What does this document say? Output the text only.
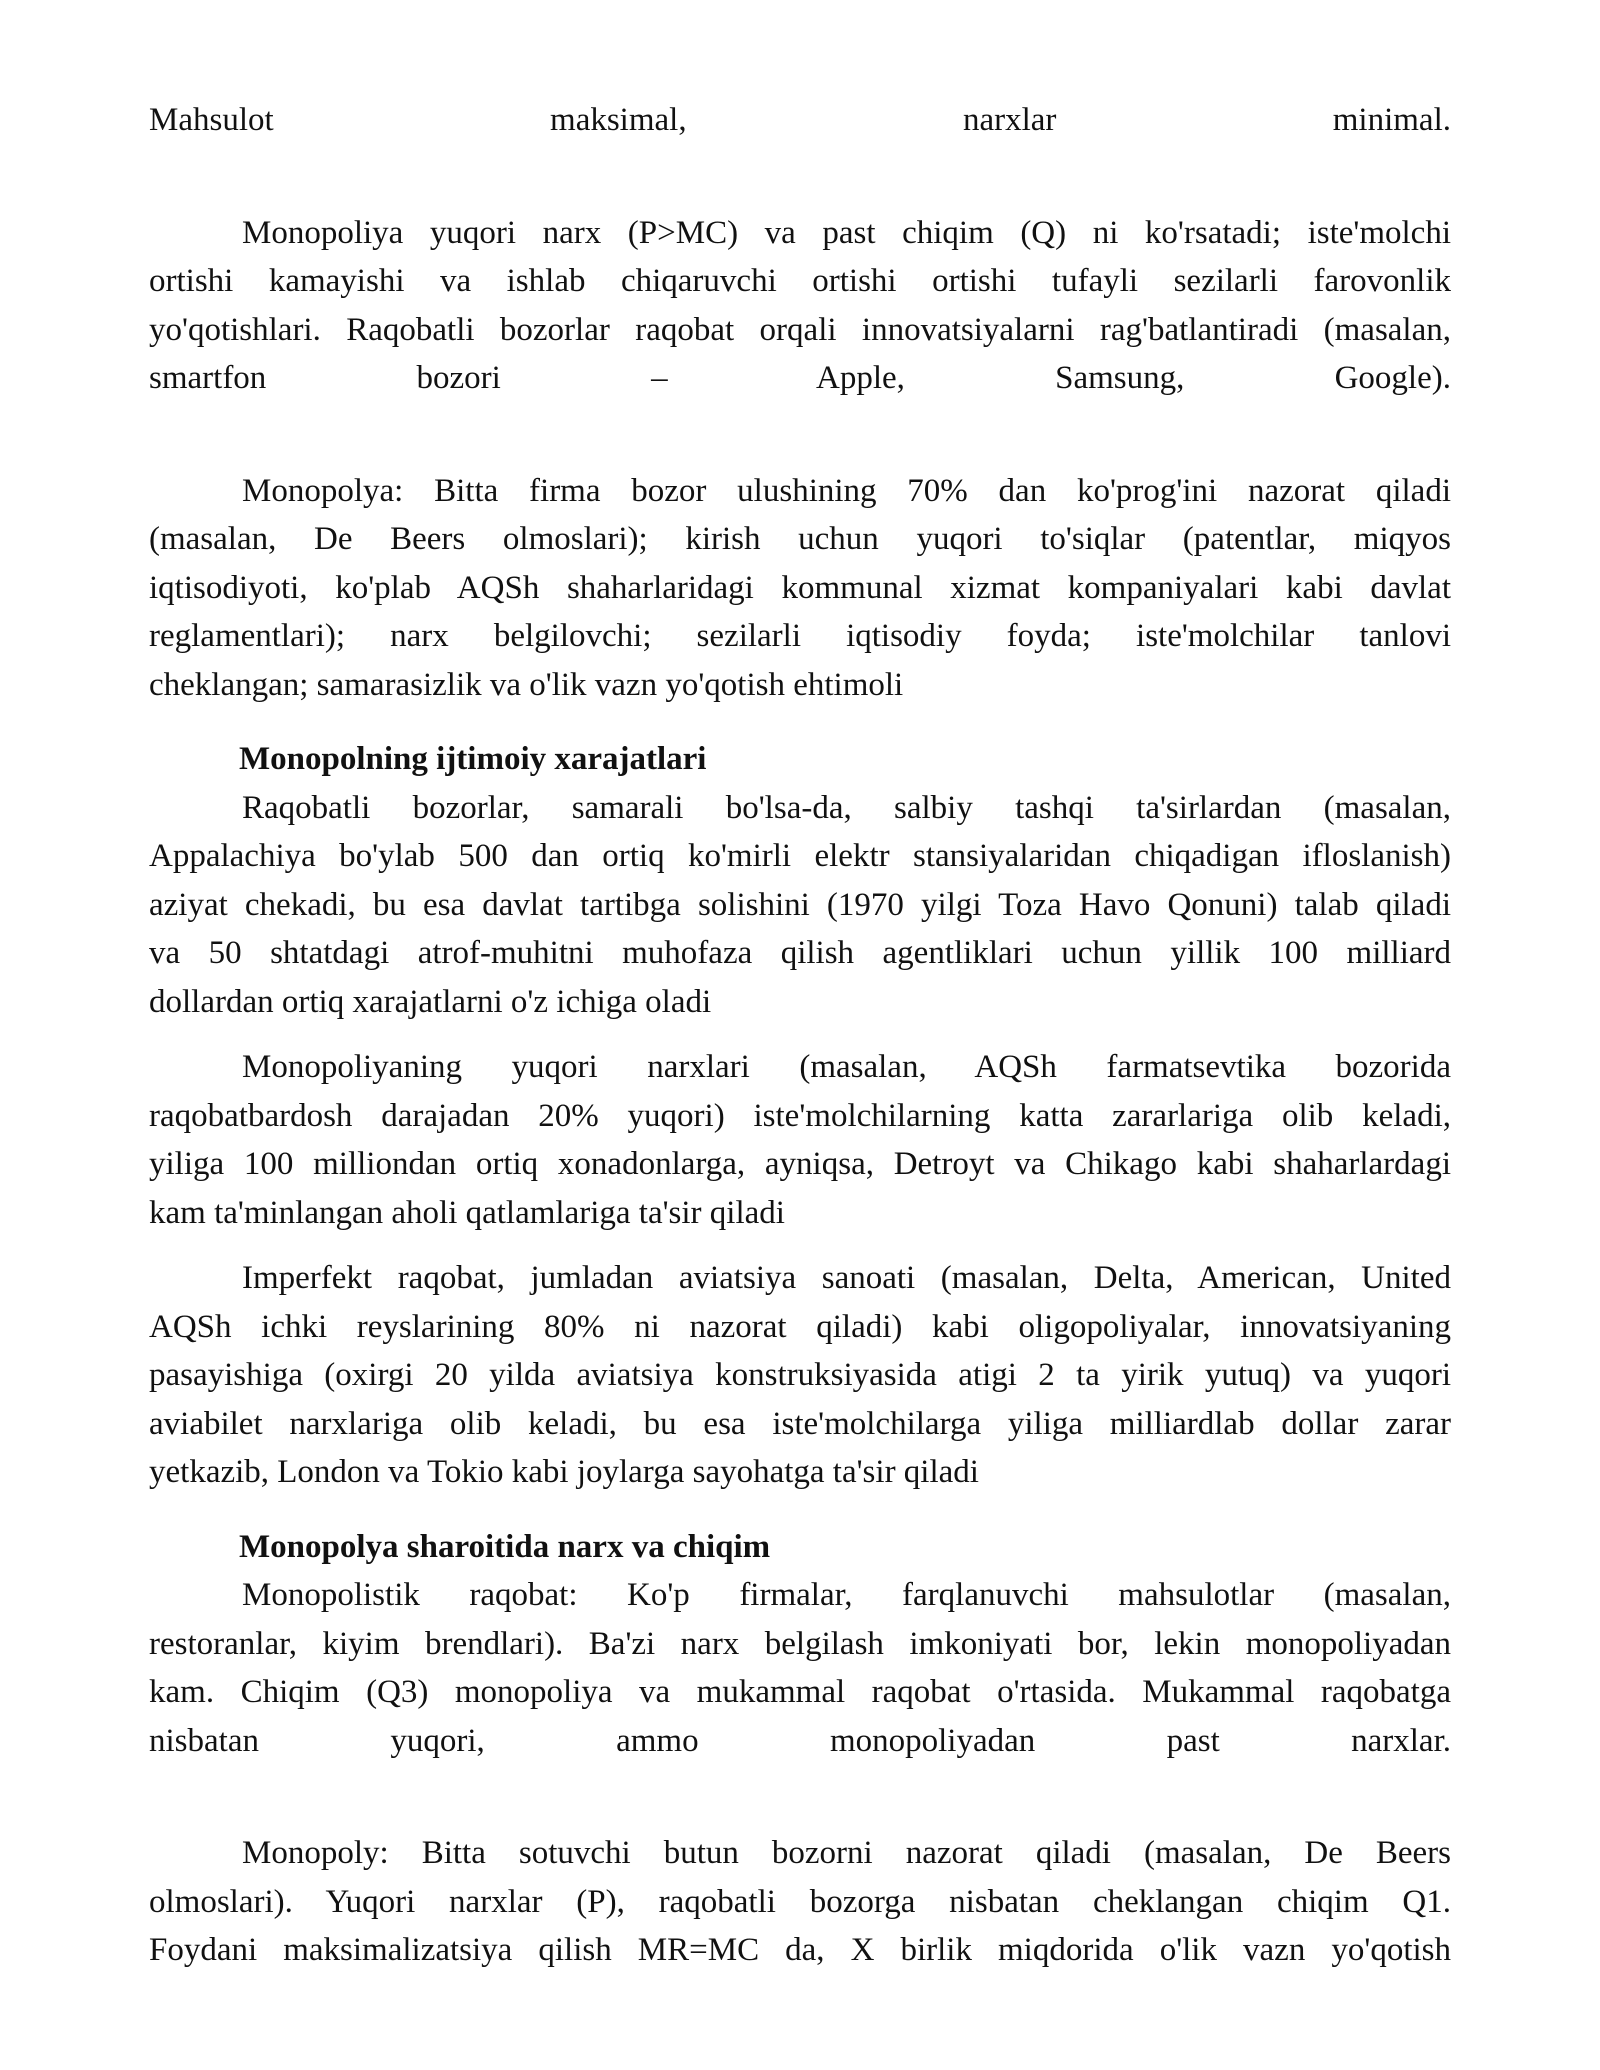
Mahsulot maksimal, narxlar minimal.
Monopoliya yuqori narx (P>MC) va past chiqim (Q) ni ko'rsatadi; iste'molchi
ortishi kamayishi va ishlab chiqaruvchi ortishi ortishi tufayli sezilarli farovonlik
yo'qotishlari. Raqobatli bozorlar raqobat orqali innovatsiyalarni rag'batlantiradi (masalan,
smartfon bozori – Apple, Samsung, Google).
Monopolya: Bitta firma bozor ulushining 70% dan ko'prog'ini nazorat qiladi
(masalan, De Beers olmoslari); kirish uchun yuqori to'siqlar (patentlar, miqyos
iqtisodiyoti, ko'plab AQSh shaharlaridagi kommunal xizmat kompaniyalari kabi davlat
reglamentlari); narx belgilovchi; sezilarli iqtisodiy foyda; iste'molchilar tanlovi
cheklangan; samarasizlik va o'lik vazn yo'qotish ehtimoli
Monopolning ijtimoiy xarajatlari
Raqobatli bozorlar, samarali bo'lsa-da, salbiy tashqi ta'sirlardan (masalan,
Appalachiya bo'ylab 500 dan ortiq ko'mirli elektr stansiyalaridan chiqadigan ifloslanish)
aziyat chekadi, bu esa davlat tartibga solishini (1970 yilgi Toza Havo Qonuni) talab qiladi
va 50 shtatdagi atrof-muhitni muhofaza qilish agentliklari uchun yillik 100 milliard
dollardan ortiq xarajatlarni o'z ichiga oladi
Monopoliyaning yuqori narxlari (masalan, AQSh farmatsevtika bozorida
raqobatbardosh darajadan 20% yuqori) iste'molchilarning katta zararlariga olib keladi,
yiliga 100 milliondan ortiq xonadonlarga, ayniqsa, Detroyt va Chikago kabi shaharlardagi
kam ta'minlangan aholi qatlamlariga ta'sir qiladi
Imperfekt raqobat, jumladan aviatsiya sanoati (masalan, Delta, American, United
AQSh ichki reyslarining 80% ni nazorat qiladi) kabi oligopoliyalar, innovatsiyaning
pasayishiga (oxirgi 20 yilda aviatsiya konstruksiyasida atigi 2 ta yirik yutuq) va yuqori
aviabilet narxlariga olib keladi, bu esa iste'molchilarga yiliga milliardlab dollar zarar
yetkazib, London va Tokio kabi joylarga sayohatga ta'sir qiladi
Monopolya sharoitida narx va chiqim
Monopolistik raqobat: Ko'p firmalar, farqlanuvchi mahsulotlar (masalan,
restoranlar, kiyim brendlari). Ba'zi narx belgilash imkoniyati bor, lekin monopoliyadan
kam. Chiqim (Q3) monopoliya va mukammal raqobat o'rtasida. Mukammal raqobatga
nisbatan yuqori, ammo monopoliyadan past narxlar.
Monopoly: Bitta sotuvchi butun bozorni nazorat qiladi (masalan, De Beers
olmoslari). Yuqori narxlar (P), raqobatli bozorga nisbatan cheklangan chiqim Q1.
Foydani maksimalizatsiya qilish MR=MC da, X birlik miqdorida o'lik vazn yo'qotish
